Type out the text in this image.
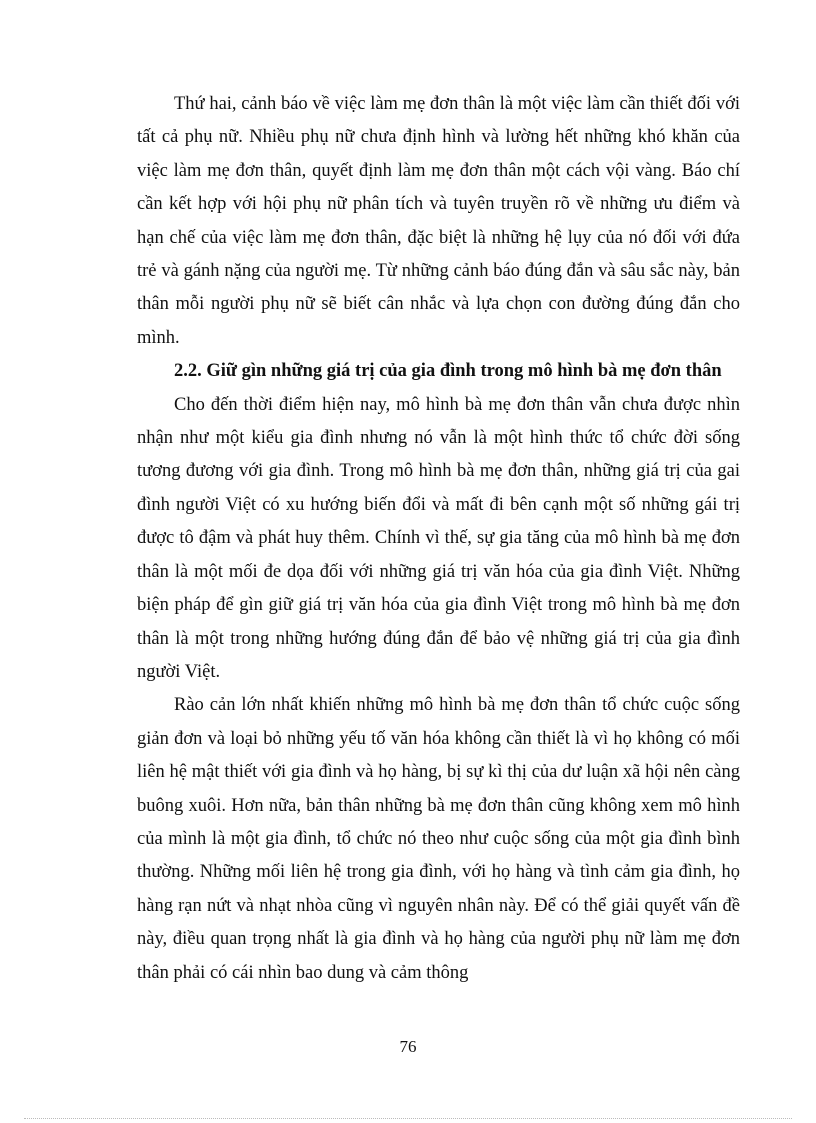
Thứ hai, cảnh báo về việc làm mẹ đơn thân là một việc làm cần thiết đối với tất cả phụ nữ. Nhiều phụ nữ chưa định hình và lường hết những khó khăn của việc làm mẹ đơn thân, quyết định làm mẹ đơn thân một cách vội vàng. Báo chí cần kết hợp với hội phụ nữ phân tích và tuyên truyền rõ về những ưu điểm và hạn chế của việc làm mẹ đơn thân, đặc biệt là những hệ lụy của nó đối với đứa trẻ và gánh nặng của người mẹ. Từ những cảnh báo đúng đắn và sâu sắc này, bản thân mỗi người phụ nữ sẽ biết cân nhắc và lựa chọn con đường đúng đắn cho mình.

2.2. Giữ gìn những giá trị của gia đình trong mô hình bà mẹ đơn thân

Cho đến thời điểm hiện nay, mô hình bà mẹ đơn thân vẫn chưa được nhìn nhận như một kiểu gia đình nhưng nó vẫn là một hình thức tổ chức đời sống tương đương với gia đình. Trong mô hình bà mẹ đơn thân, những giá trị của gai đình người Việt có xu hướng biến đổi và mất đi bên cạnh một số những gái trị được tô đậm và phát huy thêm. Chính vì thế, sự gia tăng của mô hình bà mẹ đơn thân là một mối đe dọa đối với những giá trị văn hóa của gia đình Việt. Những biện pháp để gìn giữ giá trị văn hóa của gia đình Việt trong mô hình bà mẹ đơn thân là một trong những hướng đúng đắn để bảo vệ những giá trị của gia đình người Việt.

Rào cản lớn nhất khiến những mô hình bà mẹ đơn thân tổ chức cuộc sống giản đơn và loại bỏ những yếu tố văn hóa không cần thiết là vì họ không có mối liên hệ mật thiết với gia đình và họ hàng, bị sự kì thị của dư luận xã hội nên càng buông xuôi. Hơn nữa, bản thân những bà mẹ đơn thân cũng không xem mô hình của mình là một gia đình, tổ chức nó theo như cuộc sống của một gia đình bình thường. Những mối liên hệ trong gia đình, với họ hàng và tình cảm gia đình, họ hàng rạn nứt và nhạt nhòa cũng vì nguyên nhân này. Để có thể giải quyết vấn đề này, điều quan trọng nhất là gia đình và họ hàng của người phụ nữ làm mẹ đơn thân phải có cái nhìn bao dung và cảm thông

76
